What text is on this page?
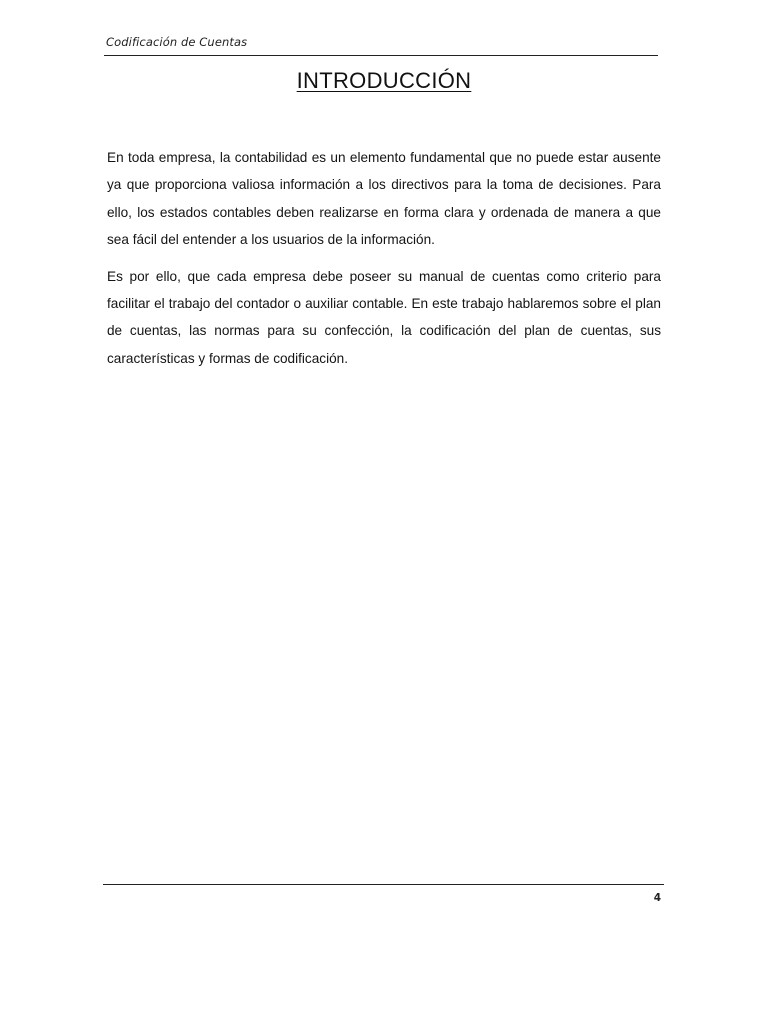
Codificación de Cuentas
INTRODUCCIÓN

En toda empresa, la contabilidad es un elemento fundamental que no puede estar ausente ya que proporciona valiosa información a los directivos para la toma de decisiones. Para ello, los estados contables deben realizarse en forma clara y ordenada de manera a que sea fácil del entender a los usuarios de la información.

Es por ello, que cada empresa debe poseer su manual de cuentas como criterio para facilitar el trabajo del contador o auxiliar contable. En este trabajo hablaremos sobre el plan de cuentas, las normas para su confección, la codificación del plan de cuentas, sus características y formas de codificación.

4
